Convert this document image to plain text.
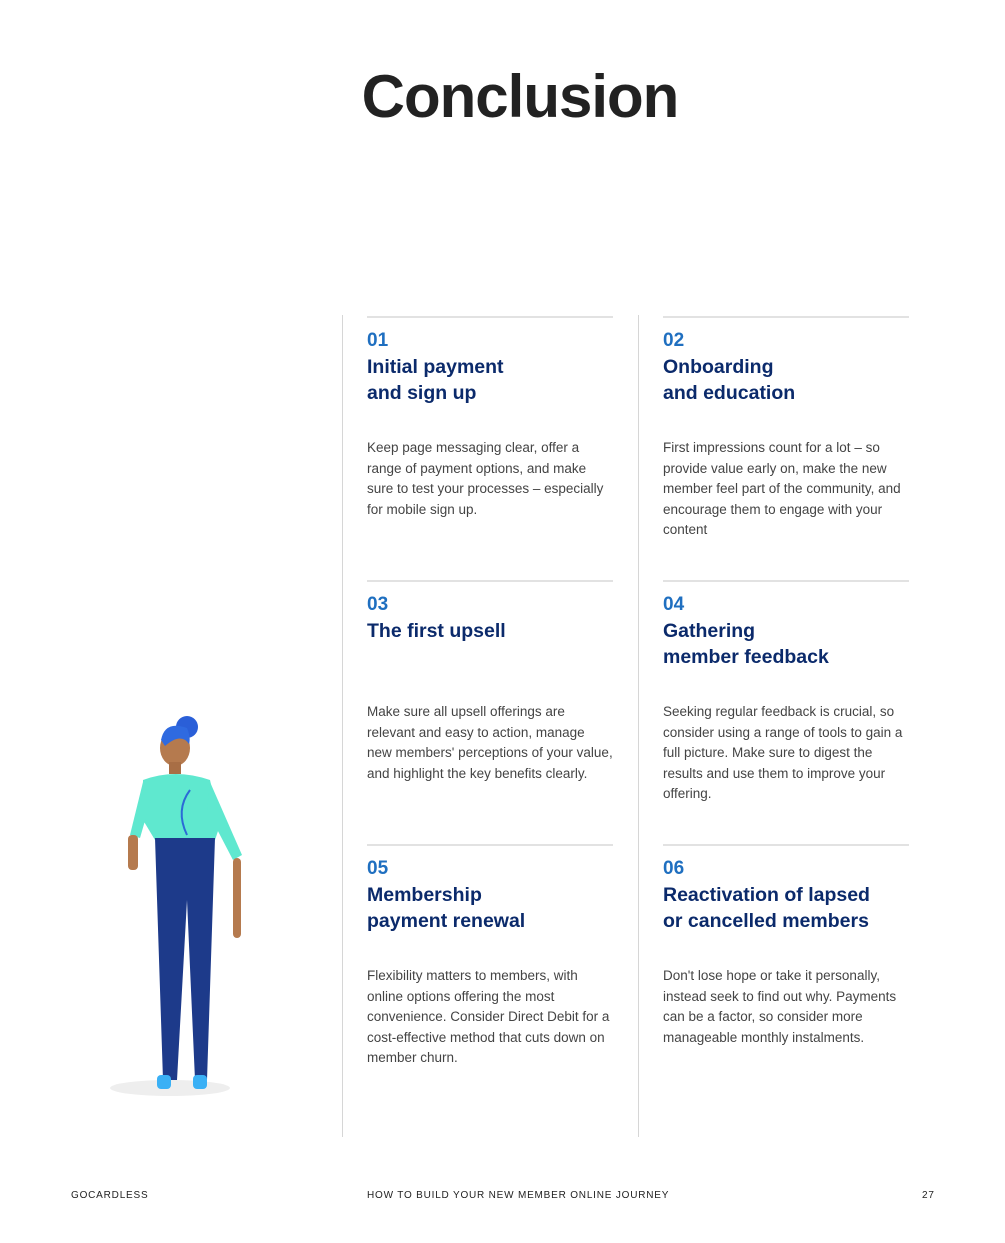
Conclusion
01
Initial payment
and sign up
Keep page messaging clear, offer a range of payment options, and make sure to test your processes – especially for mobile sign up.
02
Onboarding
and education
First impressions count for a lot – so provide value early on, make the new member feel part of the community, and encourage them to engage with your content
03
The first upsell
Make sure all upsell offerings are relevant and easy to action, manage new members' perceptions of your value, and highlight the key benefits clearly.
04
Gathering
member feedback
Seeking regular feedback is crucial, so consider using a range of tools to gain a full picture. Make sure to digest the results and use them to improve your offering.
05
Membership
payment renewal
Flexibility matters to members, with online options offering the most convenience. Consider Direct Debit for a cost-effective method that cuts down on member churn.
06
Reactivation of lapsed
or cancelled members
Don't lose hope or take it personally, instead seek to find out why. Payments can be a factor, so consider more manageable monthly instalments.
GOCARDLESS	HOW TO BUILD YOUR NEW MEMBER ONLINE JOURNEY	27
